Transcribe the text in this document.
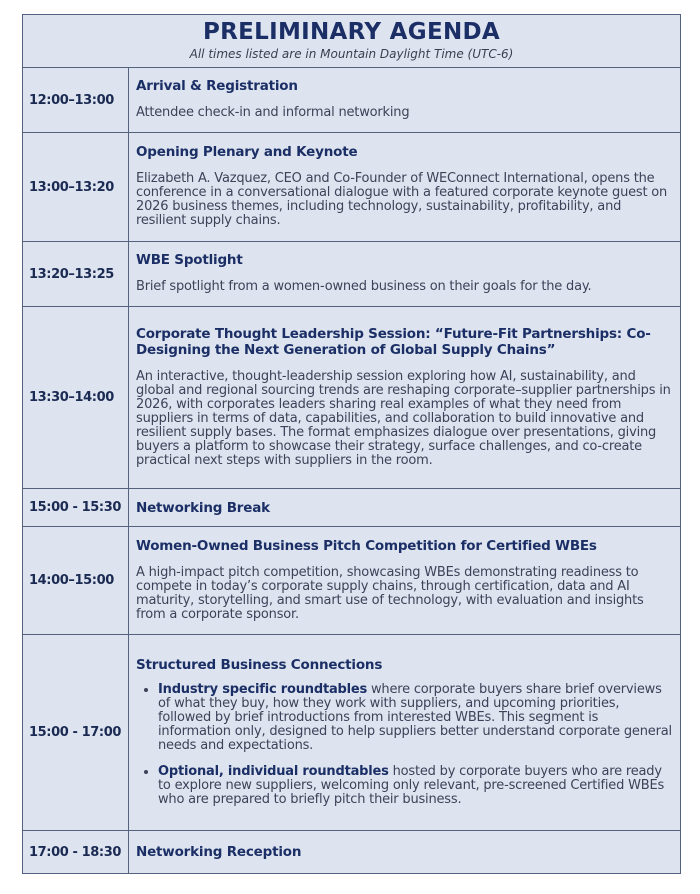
PRELIMINARY AGENDA
All times listed are in Mountain Daylight Time (UTC-6)	

12:00–13:00	Arrival & Registration
Attendee check-in and informal networking

13:00–13:20	Opening Plenary and Keynote
Elizabeth A. Vazquez, CEO and Co-Founder of WEConnect International, opens the conference in a conversational dialogue with a featured corporate keynote guest on 2026 business themes, including technology, sustainability, profitability, and resilient supply chains.

13:20–13:25	WBE Spotlight
Brief spotlight from a women-owned business on their goals for the day.

13:30–14:00	Corporate Thought Leadership Session: “Future-Fit Partnerships: Co-Designing the Next Generation of Global Supply Chains”
An interactive, thought-leadership session exploring how AI, sustainability, and global and regional sourcing trends are reshaping corporate–supplier partnerships in 2026, with corporates leaders sharing real examples of what they need from suppliers in terms of data, capabilities, and collaboration to build innovative and resilient supply bases. The format emphasizes dialogue over presentations, giving buyers a platform to showcase their strategy, surface challenges, and co-create practical next steps with suppliers in the room.

15:00 - 15:30	Networking Break

14:00–15:00	Women-Owned Business Pitch Competition for Certified WBEs
A high-impact pitch competition, showcasing WBEs demonstrating readiness to compete in today’s corporate supply chains, through certification, data and AI maturity, storytelling, and smart use of technology, with evaluation and insights from a corporate sponsor.

15:00 - 17:00	
Structured Business Connections
• Industry specific roundtables where corporate buyers share brief overviews of what they buy, how they work with suppliers, and upcoming priorities, followed by brief introductions from interested WBEs. This segment is information only, designed to help suppliers better understand corporate general needs and expectations.
• Optional, individual roundtables hosted by corporate buyers who are ready to explore new suppliers, welcoming only relevant, pre-screened Certified WBEs who are prepared to briefly pitch their business.

17:00 - 18:30	Networking Reception
